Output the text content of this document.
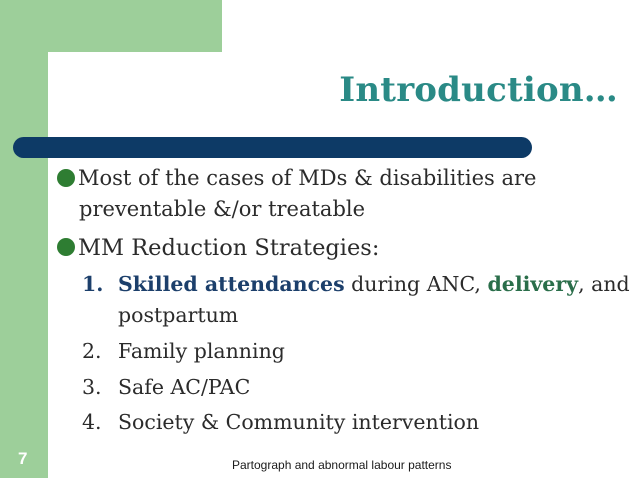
Introduction…
Most of the cases of MDs & disabilities are
preventable &/or treatable
MM Reduction Strategies:
1. Skilled attendances during ANC, delivery, and
postpartum
2. Family planning
3. Safe AC/PAC
4. Society & Community intervention
7	Partograph and abnormal labour patterns
